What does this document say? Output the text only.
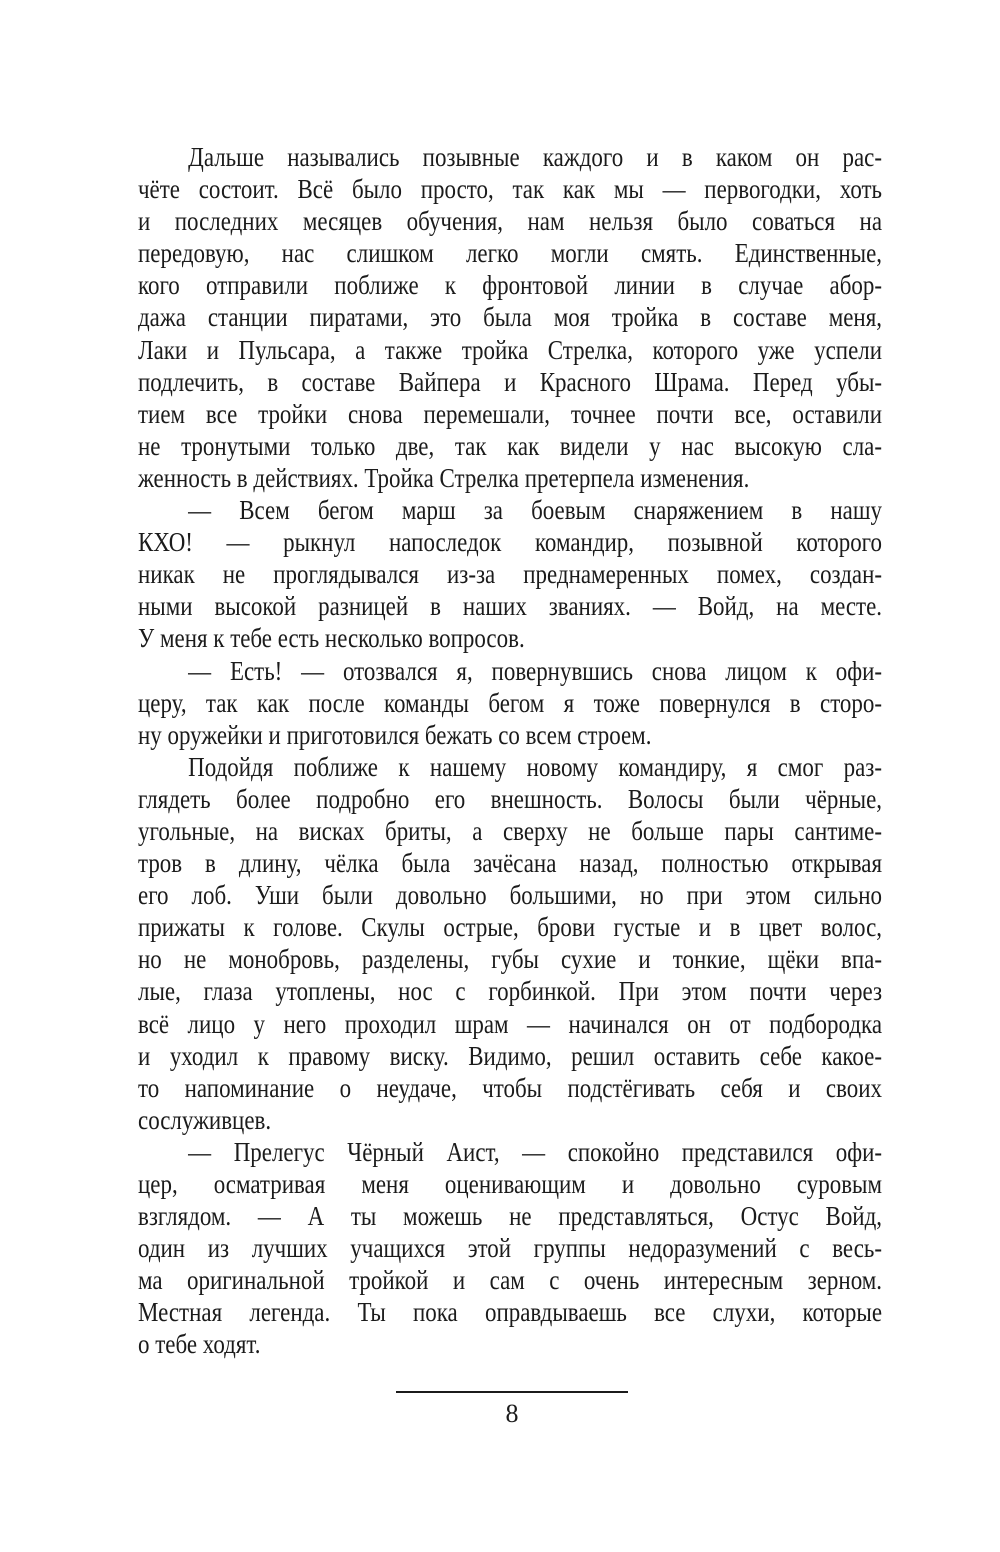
Дальше назывались позывные каждого и в каком он рас-
чёте состоит. Всё было просто, так как мы — первогодки, хоть
и последних месяцев обучения, нам нельзя было соваться на
передовую, нас слишком легко могли смять. Единственные,
кого отправили поближе к фронтовой линии в случае абор-
дажа станции пиратами, это была моя тройка в составе меня,
Лаки и Пульсара, а также тройка Стрелка, которого уже успели
подлечить, в составе Вайпера и Красного Шрама. Перед убы-
тием все тройки снова перемешали, точнее почти все, оставили
не тронутыми только две, так как видели у нас высокую сла-
женность в действиях. Тройка Стрелка претерпела изменения.
— Всем бегом марш за боевым снаряжением в нашу
КХО! — рыкнул напоследок командир, позывной которого
никак не проглядывался из-за преднамеренных помех, создан-
ными высокой разницей в наших званиях. — Войд, на месте.
У меня к тебе есть несколько вопросов.
— Есть! — отозвался я, повернувшись снова лицом к офи-
церу, так как после команды бегом я тоже повернулся в сторо-
ну оружейки и приготовился бежать со всем строем.
Подойдя поближе к нашему новому командиру, я смог раз-
глядеть более подробно его внешность. Волосы были чёрные,
угольные, на висках бриты, а сверху не больше пары сантиме-
тров в длину, чёлка была зачёсана назад, полностью открывая
его лоб. Уши были довольно большими, но при этом сильно
прижаты к голове. Скулы острые, брови густые и в цвет волос,
но не монобровь, разделены, губы сухие и тонкие, щёки впа-
лые, глаза утоплены, нос с горбинкой. При этом почти через
всё лицо у него проходил шрам — начинался он от подбородка
и уходил к правому виску. Видимо, решил оставить себе какое-
то напоминание о неудаче, чтобы подстёгивать себя и своих
сослуживцев.
— Прелегус Чёрный Аист, — спокойно представился офи-
цер, осматривая меня оценивающим и довольно суровым
взглядом. — А ты можешь не представляться, Остус Войд,
один из лучших учащихся этой группы недоразумений с весь-
ма оригинальной тройкой и сам с очень интересным зерном.
Местная легенда. Ты пока оправдываешь все слухи, которые
о тебе ходят.
8
